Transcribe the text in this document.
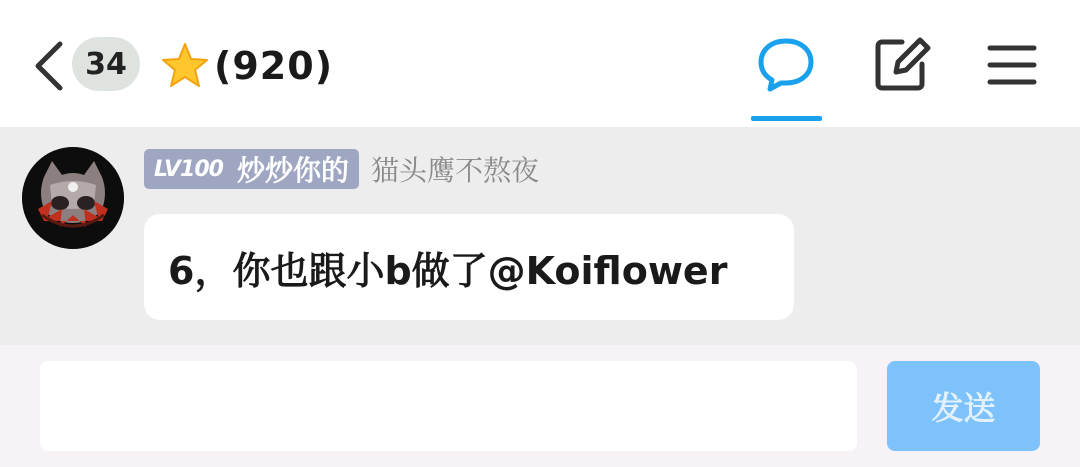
34	(920)
LV100 炒炒你的 猫头鹰不熬夜
6，你也跟小b做了@Koiflower
发送
